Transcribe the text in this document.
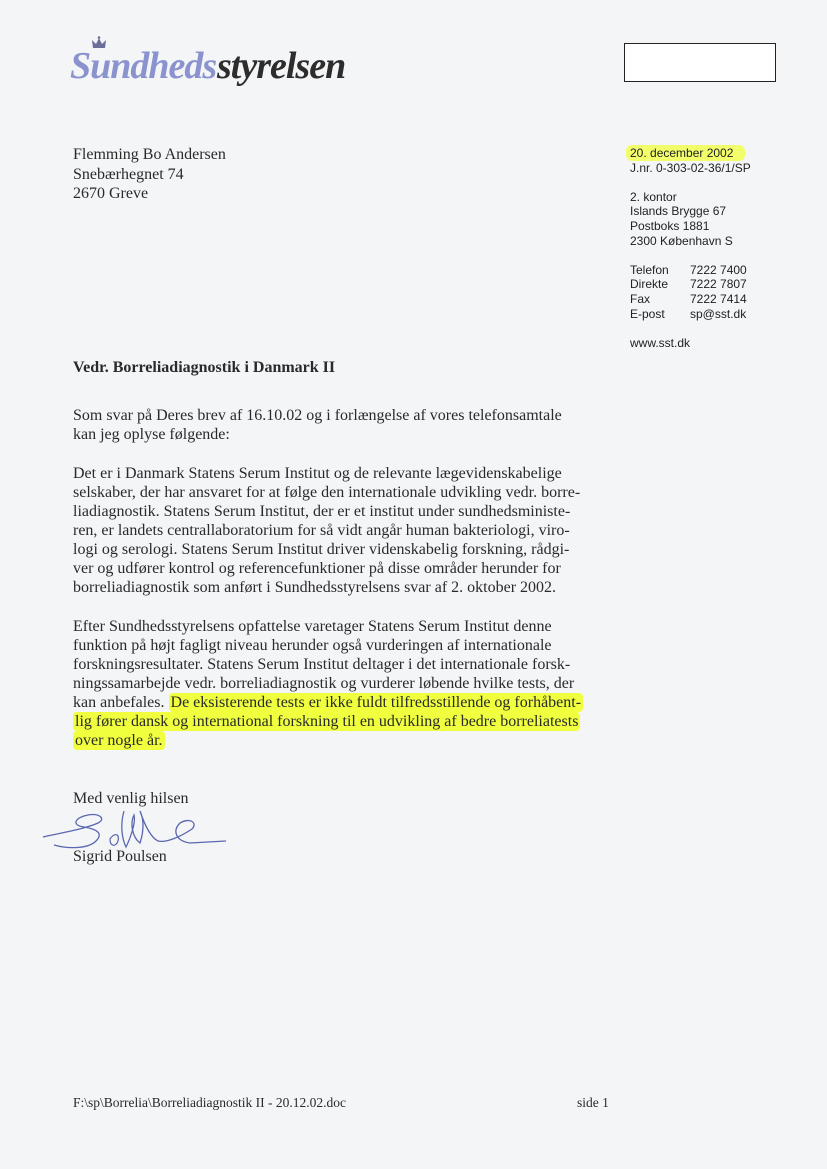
Sundheds styrelsen
Flemming Bo Andersen
Snebærhegnet 74
2670 Greve
20. december 2002
J.nr. 0-303-02-36/1/SP
2. kontor
Islands Brygge 67
Postboks 1881
2300 København S
Telefon	7222 7400
Direkte	7222 7807
Fax	7222 7414
E-post	sp@sst.dk
www.sst.dk
Vedr. Borreliadiagnostik i Danmark II
Som svar på Deres brev af 16.10.02 og i forlængelse af vores telefonsamtale
kan jeg oplyse følgende:
Det er i Danmark Statens Serum Institut og de relevante lægevidenskabelige
selskaber, der har ansvaret for at følge den internationale udvikling vedr. borre-
liadiagnostik. Statens Serum Institut, der er et institut under sundhedsministe-
ren, er landets centrallaboratorium for så vidt angår human bakteriologi, viro-
logi og serologi. Statens Serum Institut driver videnskabelig forskning, rådgi-
ver og udfører kontrol og referencefunktioner på disse områder herunder for
borreliadiagnostik som anført i Sundhedsstyrelsens svar af 2. oktober 2002.
Efter Sundhedsstyrelsens opfattelse varetager Statens Serum Institut denne
funktion på højt fagligt niveau herunder også vurderingen af internationale
forskningsresultater. Statens Serum Institut deltager i det internationale forsk-
ningssamarbejde vedr. borreliadiagnostik og vurderer løbende hvilke tests, der
kan anbefales. De eksisterende tests er ikke fuldt tilfredsstillende og forhåbent-
lig fører dansk og international forskning til en udvikling af bedre borreliatests
over nogle år.
Med venlig hilsen
Sigrid Poulsen
F:\sp\Borrelia\Borreliadiagnostik II - 20.12.02.doc	side 1
